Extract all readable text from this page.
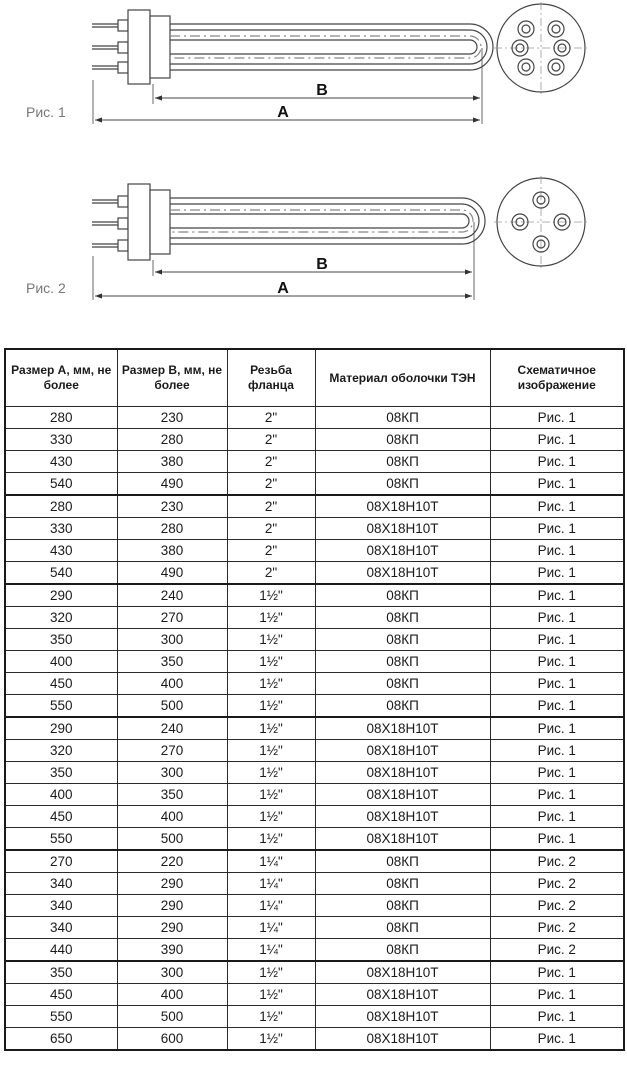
B
A
Рис. 1
B
A
Рис. 2
Размер А, мм, не более	Размер В, мм, не более	Резьба фланца	Материал оболочки ТЭН	Схематичное изображение
280	230	2"	08КП	Рис. 1
330	280	2"	08КП	Рис. 1
430	380	2"	08КП	Рис. 1
540	490	2"	08КП	Рис. 1
280	230	2"	08Х18Н10Т	Рис. 1
330	280	2"	08Х18Н10Т	Рис. 1
430	380	2"	08Х18Н10Т	Рис. 1
540	490	2"	08Х18Н10Т	Рис. 1
290	240	1½"	08КП	Рис. 1
320	270	1½"	08КП	Рис. 1
350	300	1½"	08КП	Рис. 1
400	350	1½"	08КП	Рис. 1
450	400	1½"	08КП	Рис. 1
550	500	1½"	08КП	Рис. 1
290	240	1½"	08Х18Н10Т	Рис. 1
320	270	1½"	08Х18Н10Т	Рис. 1
350	300	1½"	08Х18Н10Т	Рис. 1
400	350	1½"	08Х18Н10Т	Рис. 1
450	400	1½"	08Х18Н10Т	Рис. 1
550	500	1½"	08Х18Н10Т	Рис. 1
270	220	1¼"	08КП	Рис. 2
340	290	1¼"	08КП	Рис. 2
340	290	1¼"	08КП	Рис. 2
340	290	1¼"	08КП	Рис. 2
440	390	1¼"	08КП	Рис. 2
350	300	1½"	08Х18Н10Т	Рис. 1
450	400	1½"	08Х18Н10Т	Рис. 1
550	500	1½"	08Х18Н10Т	Рис. 1
650	600	1½"	08Х18Н10Т	Рис. 1
